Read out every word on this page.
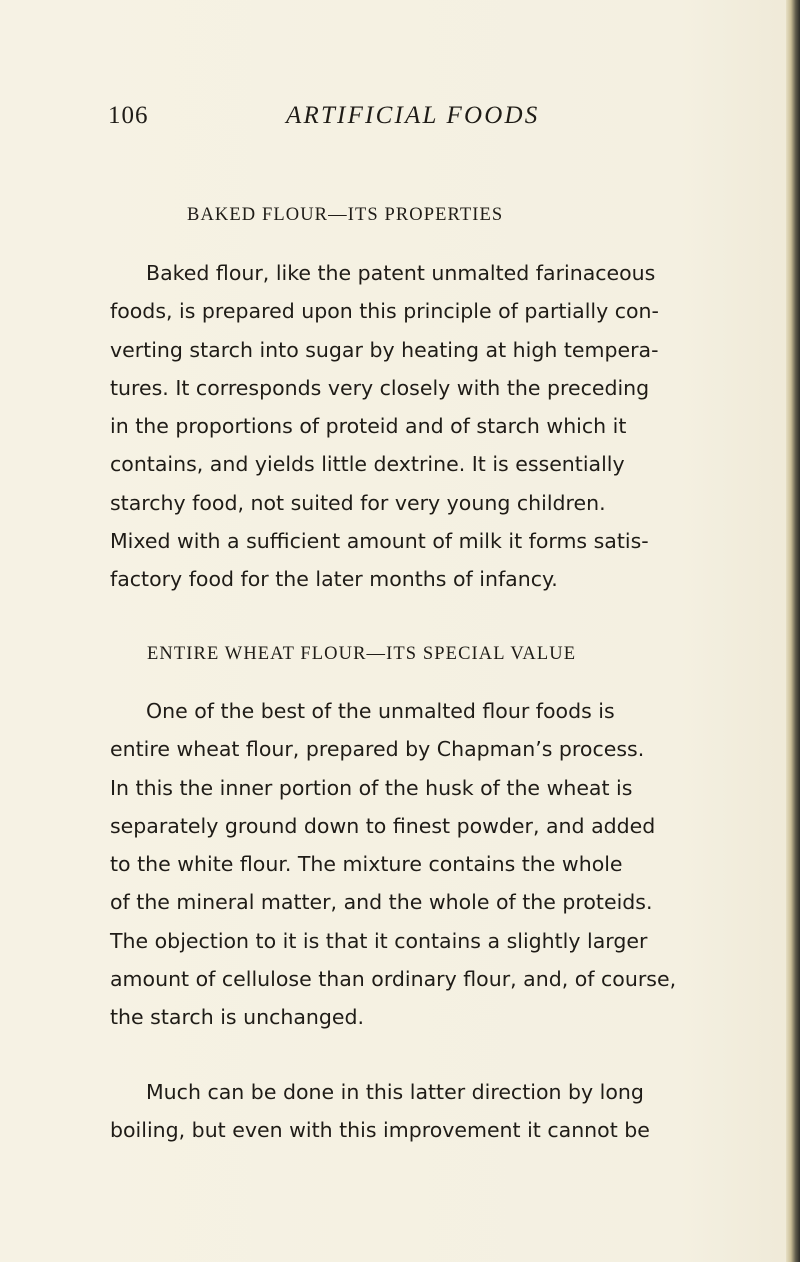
106	ARTIFICIAL FOODS
BAKED FLOUR—ITS PROPERTIES

Baked flour, like the patent unmalted farinaceous
foods, is prepared upon this principle of partially con-
verting starch into sugar by heating at high tempera-
tures. It corresponds very closely with the preceding
in the proportions of proteid and of starch which it
contains, and yields little dextrine. It is essentially
starchy food, not suited for very young children.
Mixed with a sufficient amount of milk it forms satis-
factory food for the later months of infancy.

ENTIRE WHEAT FLOUR—ITS SPECIAL VALUE

One of the best of the unmalted flour foods is
entire wheat flour, prepared by Chapman’s process.
In this the inner portion of the husk of the wheat is
separately ground down to finest powder, and added
to the white flour. The mixture contains the whole
of the mineral matter, and the whole of the proteids.
The objection to it is that it contains a slightly larger
amount of cellulose than ordinary flour, and, of course,
the starch is unchanged.

Much can be done in this latter direction by long
boiling, but even with this improvement it cannot be
